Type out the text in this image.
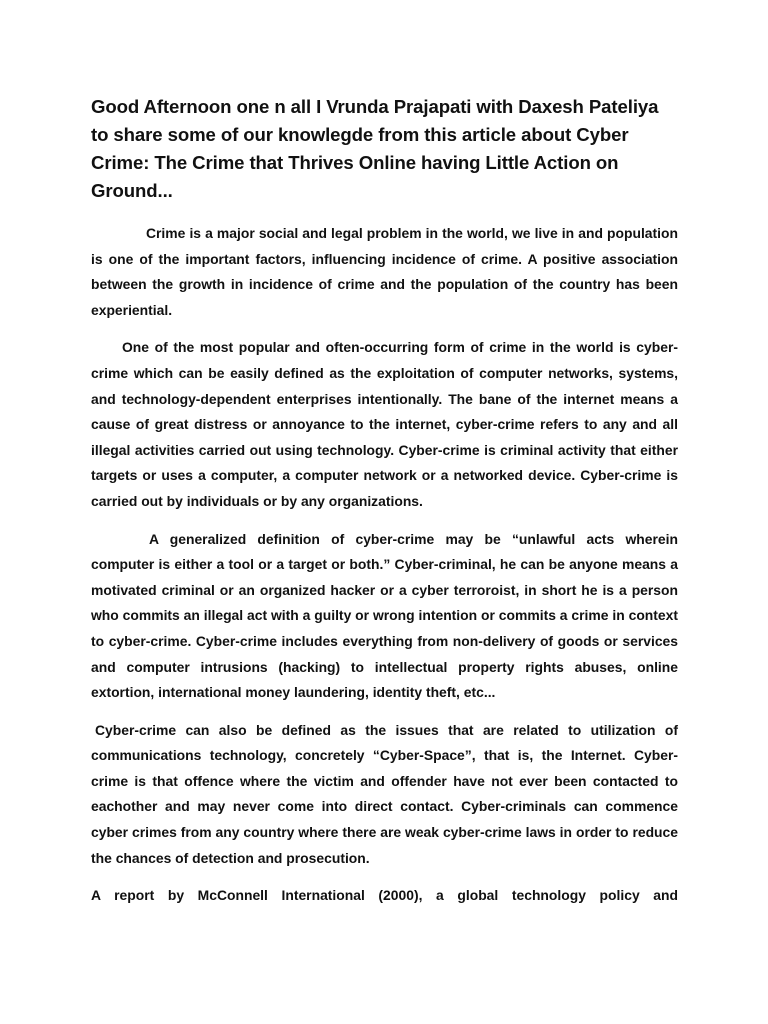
Good Afternoon one n all I Vrunda Prajapati with Daxesh Pateliya to share some of our knowlegde from this article about Cyber Crime: The Crime that Thrives Online having Little Action on Ground...

Crime is a major social and legal problem in the world, we live in and population is one of the important factors, influencing incidence of crime. A positive association between the growth in incidence of crime and the population of the country has been experiential.

One of the most popular and often-occurring form of crime in the world is cyber-crime which can be easily defined as the exploitation of computer networks, systems, and technology-dependent enterprises intentionally. The bane of the internet means a cause of great distress or annoyance to the internet, cyber-crime refers to any and all illegal activities carried out using technology. Cyber-crime is criminal activity that either targets or uses a computer, a computer network or a networked device. Cyber-crime is carried out by individuals or by any organizations.

A generalized definition of cyber-crime may be “unlawful acts wherein computer is either a tool or a target or both.” Cyber-criminal, he can be anyone means a motivated criminal or an organized hacker or a cyber terroroist, in short he is a person who commits an illegal act with a guilty or wrong intention or commits a crime in context to cyber-crime. Cyber-crime includes everything from non-delivery of goods or services and computer intrusions (hacking) to intellectual property rights abuses, online extortion, international money laundering, identity theft, etc...

Cyber-crime can also be defined as the issues that are related to utilization of communications technology, concretely “Cyber-Space”, that is, the Internet. Cyber-crime is that offence where the victim and offender have not ever been contacted to eachother and may never come into direct contact. Cyber-criminals can commence cyber crimes from any country where there are weak cyber-crime laws in order to reduce the chances of detection and prosecution.

A report by McConnell International (2000), a global technology policy and
